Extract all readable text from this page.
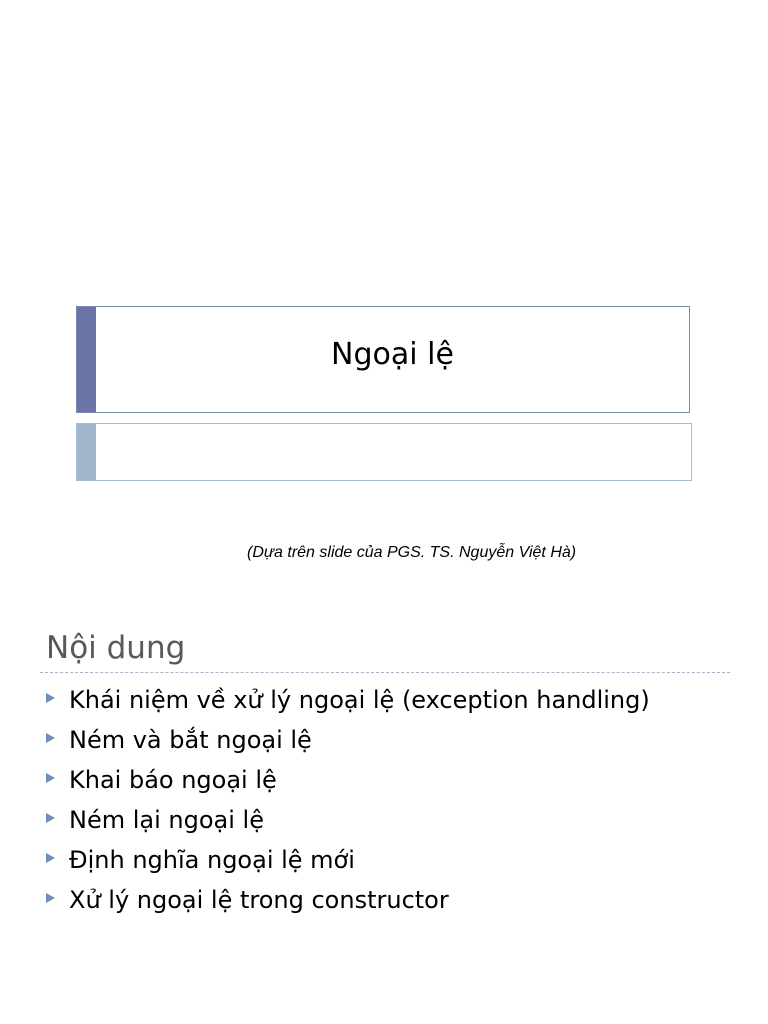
Ngoại lệ
(Dựa trên slide của PGS. TS. Nguyễn Việt Hà)
Nội dung
Khái niệm về xử lý ngoại lệ (exception handling)
Ném và bắt ngoại lệ
Khai báo ngoại lệ
Ném lại ngoại lệ
Định nghĩa ngoại lệ mới
Xử lý ngoại lệ trong constructor
